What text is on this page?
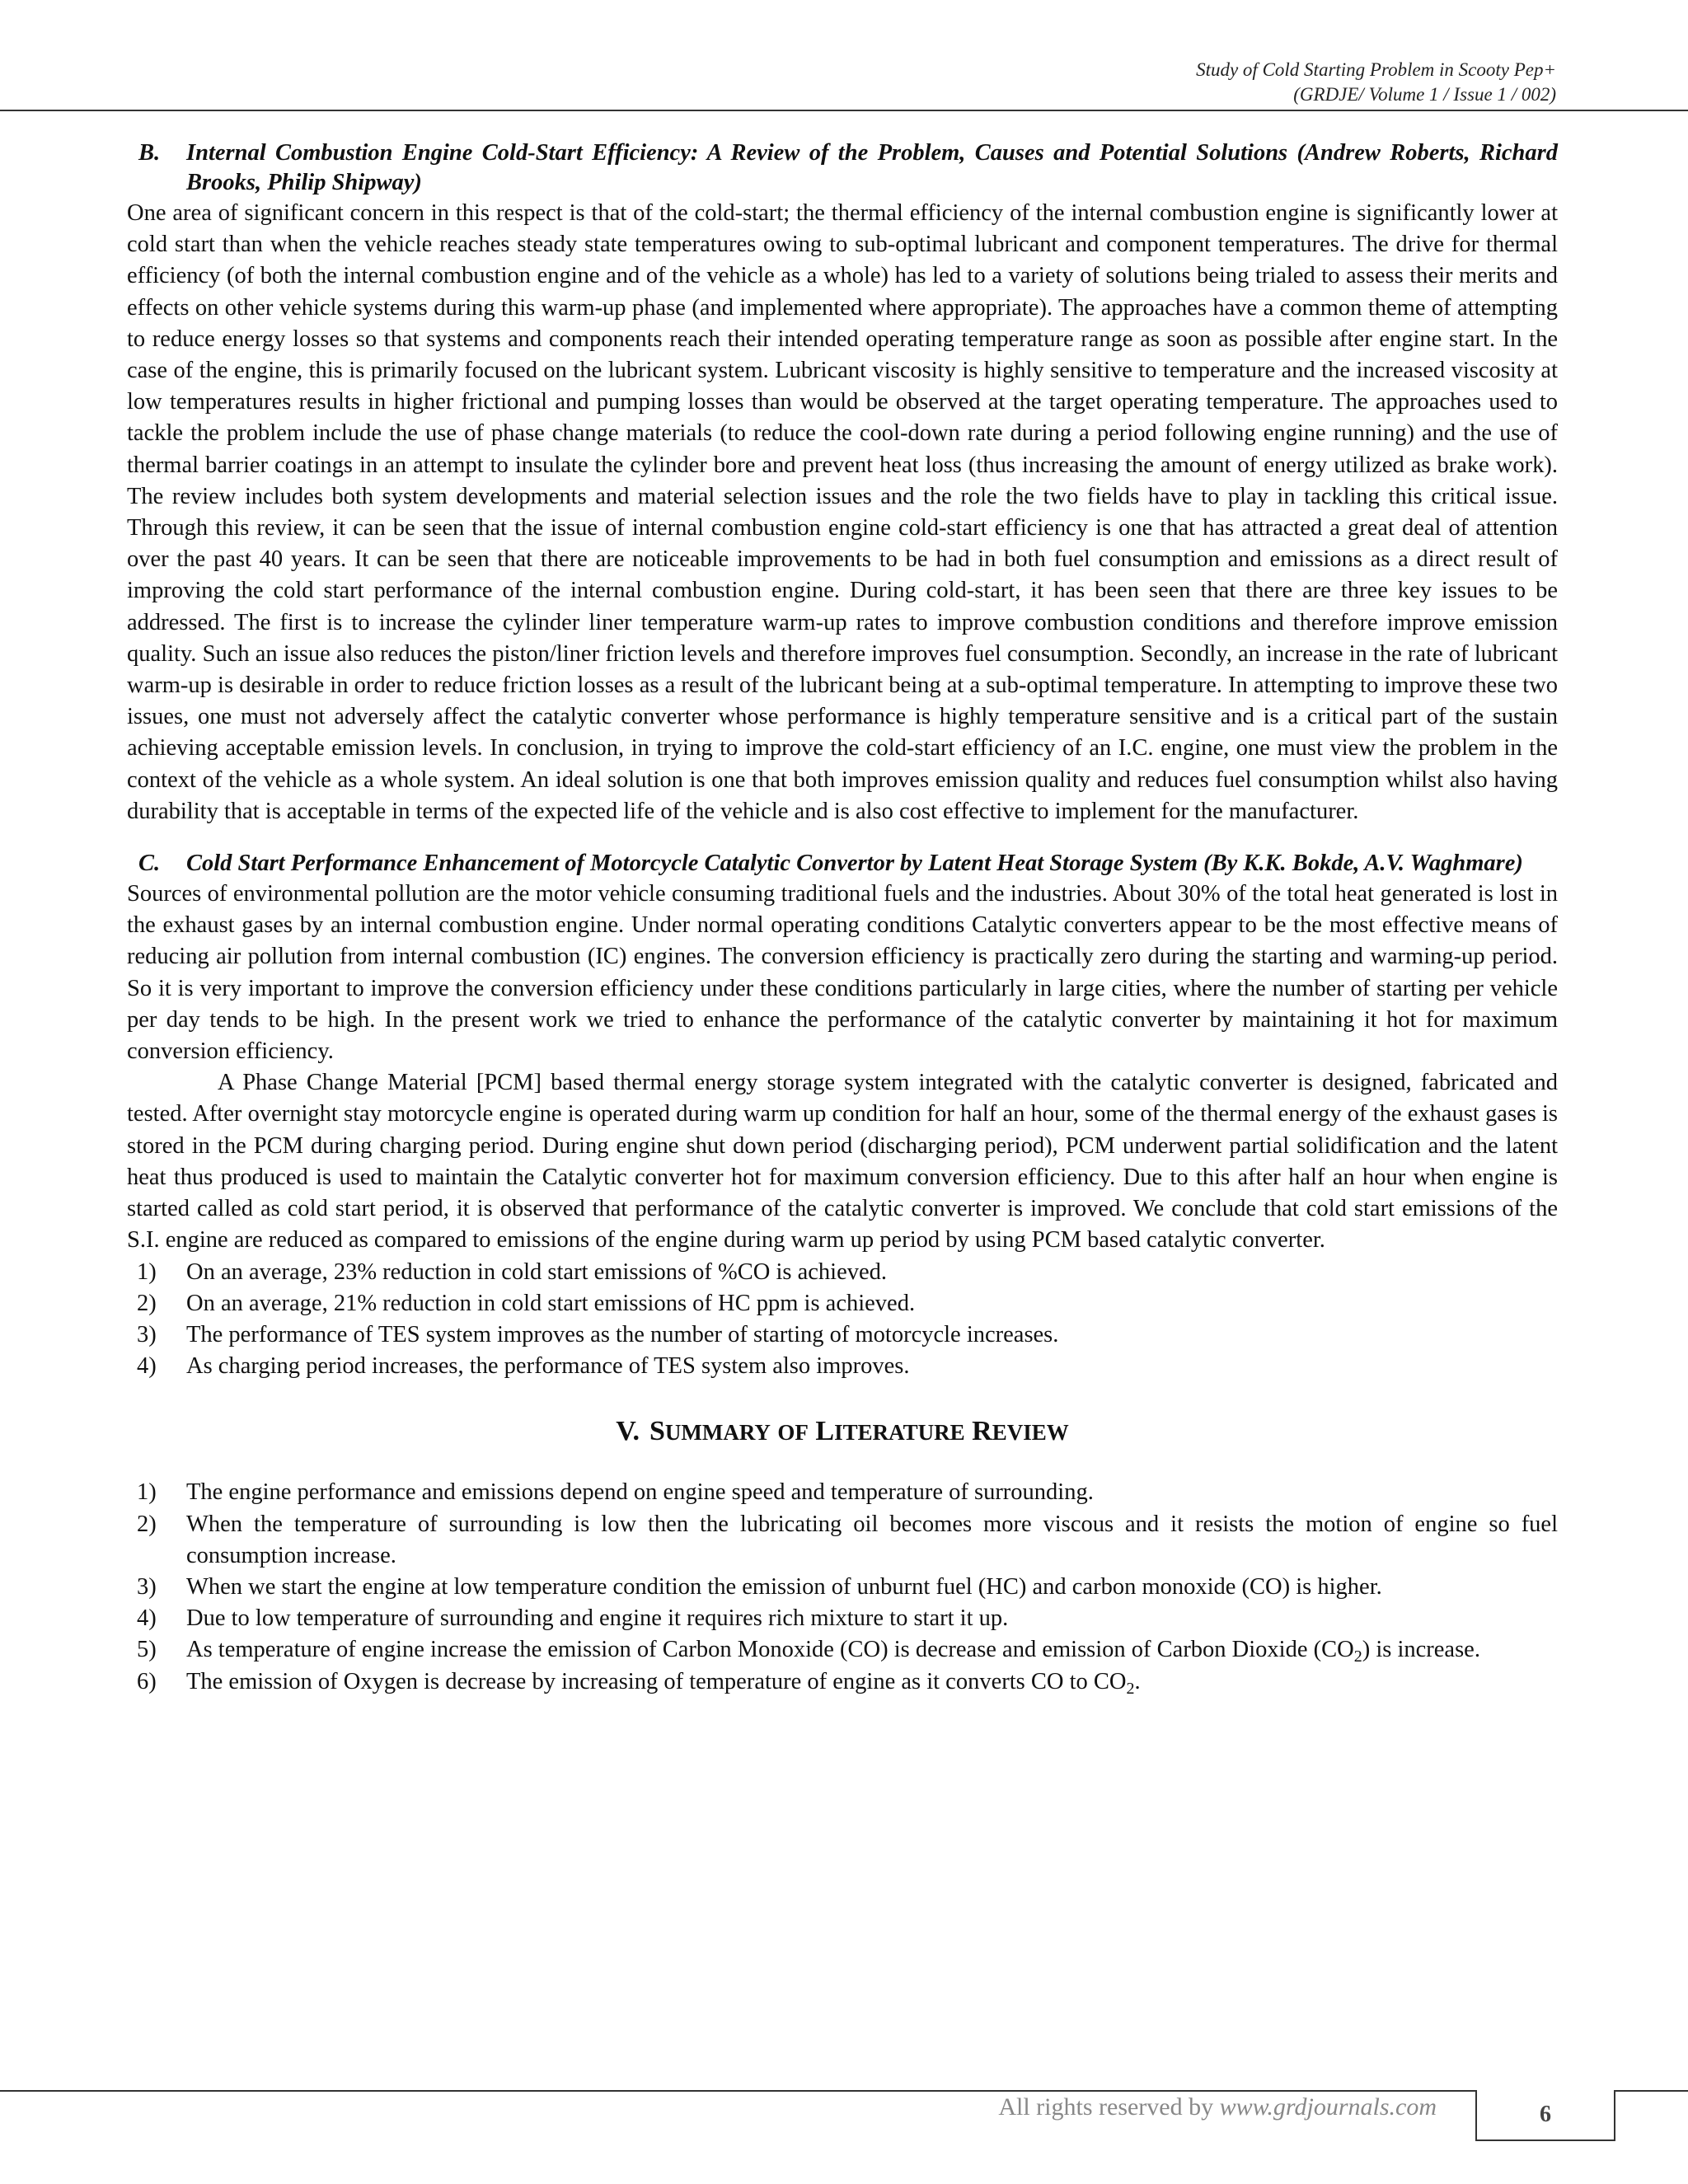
Study of Cold Starting Problem in Scooty Pep+
(GRDJE/ Volume 1 / Issue 1 / 002)
B. Internal Combustion Engine Cold-Start Efficiency: A Review of the Problem, Causes and Potential Solutions (Andrew Roberts, Richard Brooks, Philip Shipway)

One area of significant concern in this respect is that of the cold-start; the thermal efficiency of the internal combustion engine is significantly lower at cold start than when the vehicle reaches steady state temperatures owing to sub-optimal lubricant and component temperatures. The drive for thermal efficiency (of both the internal combustion engine and of the vehicle as a whole) has led to a variety of solutions being trialed to assess their merits and effects on other vehicle systems during this warm-up phase (and implemented where appropriate). The approaches have a common theme of attempting to reduce energy losses so that systems and components reach their intended operating temperature range as soon as possible after engine start. In the case of the engine, this is primarily focused on the lubricant system. Lubricant viscosity is highly sensitive to temperature and the increased viscosity at low temperatures results in higher frictional and pumping losses than would be observed at the target operating temperature. The approaches used to tackle the problem include the use of phase change materials (to reduce the cool-down rate during a period following engine running) and the use of thermal barrier coatings in an attempt to insulate the cylinder bore and prevent heat loss (thus increasing the amount of energy utilized as brake work). The review includes both system developments and material selection issues and the role the two fields have to play in tackling this critical issue. Through this review, it can be seen that the issue of internal combustion engine cold-start efficiency is one that has attracted a great deal of attention over the past 40 years. It can be seen that there are noticeable improvements to be had in both fuel consumption and emissions as a direct result of improving the cold start performance of the internal combustion engine. During cold-start, it has been seen that there are three key issues to be addressed. The first is to increase the cylinder liner temperature warm-up rates to improve combustion conditions and therefore improve emission quality. Such an issue also reduces the piston/liner friction levels and therefore improves fuel consumption. Secondly, an increase in the rate of lubricant warm-up is desirable in order to reduce friction losses as a result of the lubricant being at a sub-optimal temperature. In attempting to improve these two issues, one must not adversely affect the catalytic converter whose performance is highly temperature sensitive and is a critical part of the sustain achieving acceptable emission levels. In conclusion, in trying to improve the cold-start efficiency of an I.C. engine, one must view the problem in the context of the vehicle as a whole system. An ideal solution is one that both improves emission quality and reduces fuel consumption whilst also having durability that is acceptable in terms of the expected life of the vehicle and is also cost effective to implement for the manufacturer.

C. Cold Start Performance Enhancement of Motorcycle Catalytic Convertor by Latent Heat Storage System (By K.K. Bokde, A.V. Waghmare)

Sources of environmental pollution are the motor vehicle consuming traditional fuels and the industries. About 30% of the total heat generated is lost in the exhaust gases by an internal combustion engine. Under normal operating conditions Catalytic converters appear to be the most effective means of reducing air pollution from internal combustion (IC) engines. The conversion efficiency is practically zero during the starting and warming-up period. So it is very important to improve the conversion efficiency under these conditions particularly in large cities, where the number of starting per vehicle per day tends to be high. In the present work we tried to enhance the performance of the catalytic converter by maintaining it hot for maximum conversion efficiency.

A Phase Change Material [PCM] based thermal energy storage system integrated with the catalytic converter is designed, fabricated and tested. After overnight stay motorcycle engine is operated during warm up condition for half an hour, some of the thermal energy of the exhaust gases is stored in the PCM during charging period. During engine shut down period (discharging period), PCM underwent partial solidification and the latent heat thus produced is used to maintain the Catalytic converter hot for maximum conversion efficiency. Due to this after half an hour when engine is started called as cold start period, it is observed that performance of the catalytic converter is improved. We conclude that cold start emissions of the S.I. engine are reduced as compared to emissions of the engine during warm up period by using PCM based catalytic converter.

1) On an average, 23% reduction in cold start emissions of %CO is achieved.
2) On an average, 21% reduction in cold start emissions of HC ppm is achieved.
3) The performance of TES system improves as the number of starting of motorcycle increases.
4) As charging period increases, the performance of TES system also improves.
V. SUMMARY OF LITERATURE REVIEW
1) The engine performance and emissions depend on engine speed and temperature of surrounding.
2) When the temperature of surrounding is low then the lubricating oil becomes more viscous and it resists the motion of engine so fuel consumption increase.
3) When we start the engine at low temperature condition the emission of unburnt fuel (HC) and carbon monoxide (CO) is higher.
4) Due to low temperature of surrounding and engine it requires rich mixture to start it up.
5) As temperature of engine increase the emission of Carbon Monoxide (CO) is decrease and emission of Carbon Dioxide $(CO_2)$ is increase.
6) The emission of Oxygen is decrease by increasing of temperature of engine as it converts CO to $CO_2$.
All rights reserved by www.grdjournals.com	6
